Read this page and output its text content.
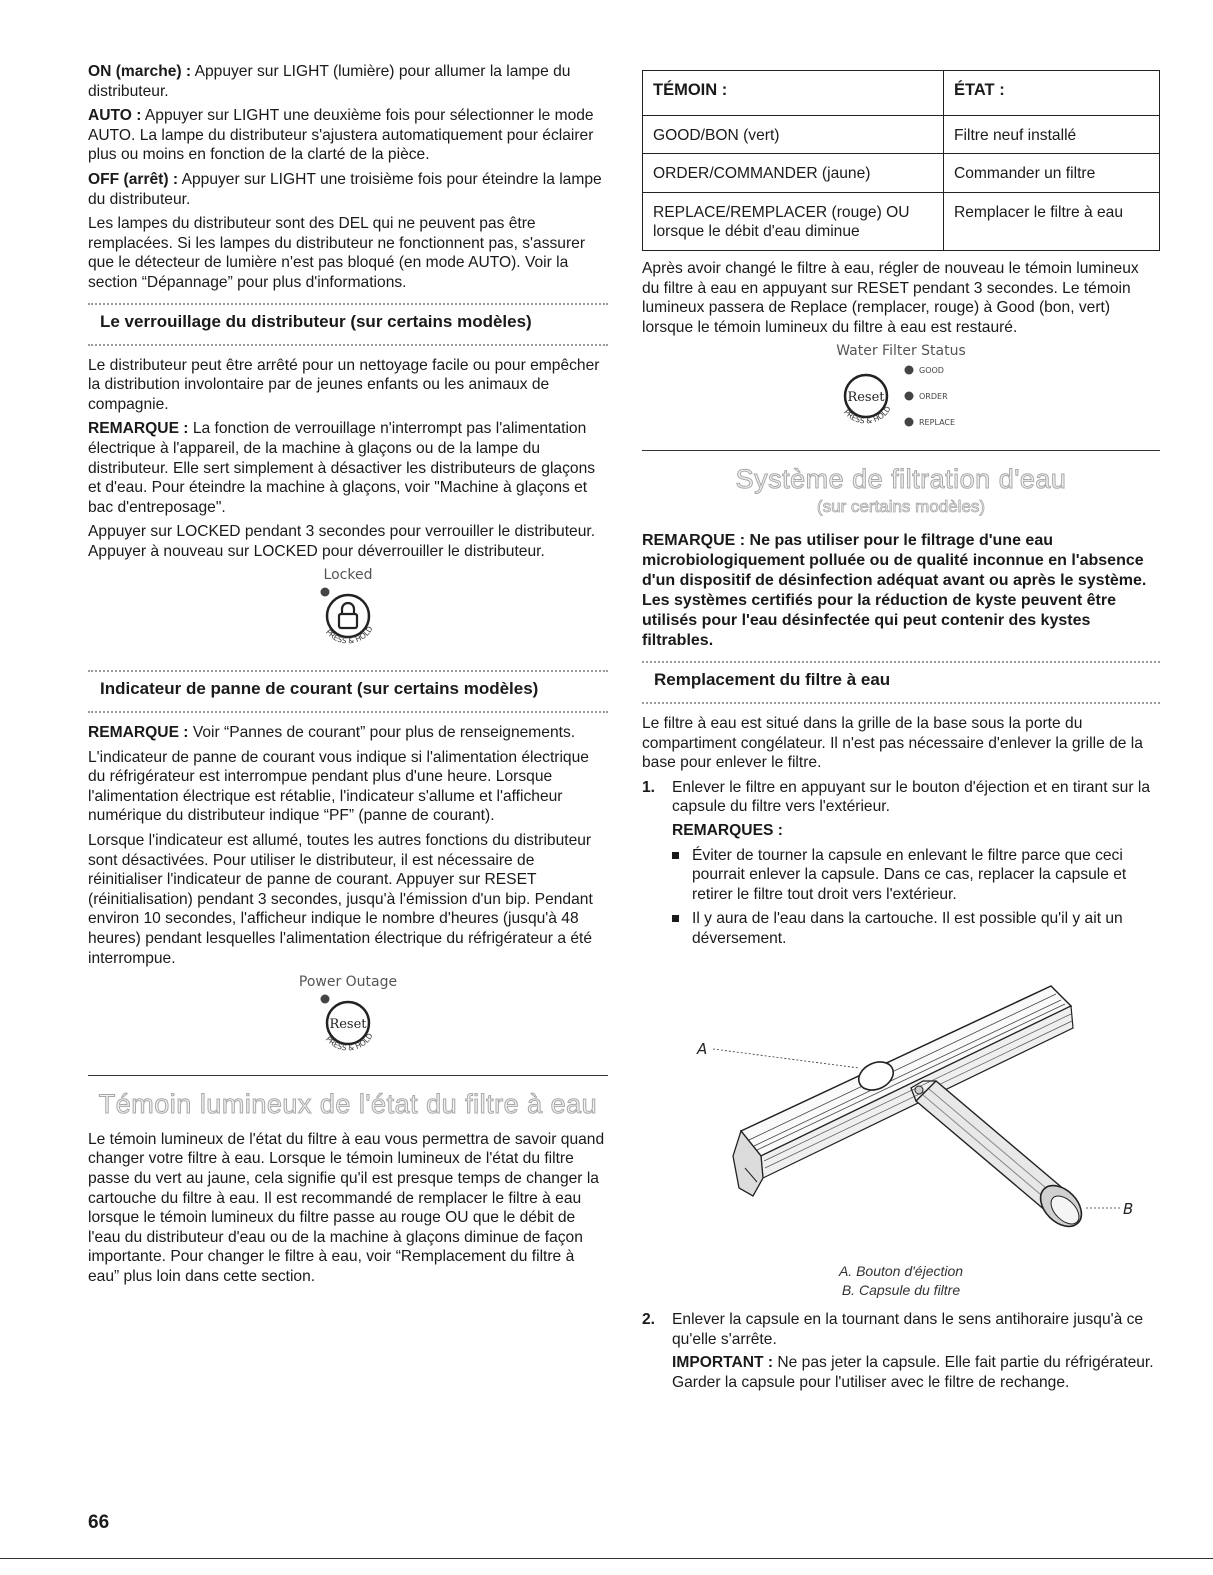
ON (marche) : Appuyer sur LIGHT (lumière) pour allumer la lampe du distributeur.

AUTO : Appuyer sur LIGHT une deuxième fois pour sélectionner le mode AUTO. La lampe du distributeur s'ajustera automatiquement pour éclairer plus ou moins en fonction de la clarté de la pièce.

OFF (arrêt) : Appuyer sur LIGHT une troisième fois pour éteindre la lampe du distributeur.

Les lampes du distributeur sont des DEL qui ne peuvent pas être remplacées. Si les lampes du distributeur ne fonctionnent pas, s'assurer que le détecteur de lumière n'est pas bloqué (en mode AUTO). Voir la section “Dépannage” pour plus d'informations.

Le verrouillage du distributeur (sur certains modèles)

Le distributeur peut être arrêté pour un nettoyage facile ou pour empêcher la distribution involontaire par de jeunes enfants ou les animaux de compagnie.

REMARQUE : La fonction de verrouillage n'interrompt pas l'alimentation électrique à l'appareil, de la machine à glaçons ou de la lampe du distributeur. Elle sert simplement à désactiver les distributeurs de glaçons et d'eau. Pour éteindre la machine à glaçons, voir "Machine à glaçons et bac d'entreposage".

Appuyer sur LOCKED pendant 3 secondes pour verrouiller le distributeur. Appuyer à nouveau sur LOCKED pour déverrouiller le distributeur.

Locked
PRESS & HOLD
Indicateur de panne de courant (sur certains modèles)

REMARQUE : Voir “Pannes de courant” pour plus de renseignements.

L'indicateur de panne de courant vous indique si l'alimentation électrique du réfrigérateur est interrompue pendant plus d'une heure. Lorsque l'alimentation électrique est rétablie, l'indicateur s'allume et l'afficheur numérique du distributeur indique “PF” (panne de courant).

Lorsque l'indicateur est allumé, toutes les autres fonctions du distributeur sont désactivées. Pour utiliser le distributeur, il est nécessaire de réinitialiser l'indicateur de panne de courant. Appuyer sur RESET (réinitialisation) pendant 3 secondes, jusqu'à l'émission d'un bip. Pendant environ 10 secondes, l'afficheur indique le nombre d'heures (jusqu'à 48 heures) pendant lesquelles l'alimentation électrique du réfrigérateur a été interrompue.

Power Outage
Reset
PRESS & HOLD
Témoin lumineux de l'état du filtre à eau

Le témoin lumineux de l'état du filtre à eau vous permettra de savoir quand changer votre filtre à eau. Lorsque le témoin lumineux de l'état du filtre passe du vert au jaune, cela signifie qu'il est presque temps de changer la cartouche du filtre à eau. Il est recommandé de remplacer le filtre à eau lorsque le témoin lumineux du filtre passe au rouge OU que le débit de l'eau du distributeur d'eau ou de la machine à glaçons diminue de façon importante. Pour changer le filtre à eau, voir “Remplacement du filtre à eau” plus loin dans cette section.

TÉMOIN :	ÉTAT :
GOOD/BON (vert)	Filtre neuf installé
ORDER/COMMANDER (jaune)	Commander un filtre
REPLACE/REMPLACER (rouge) OU lorsque le débit d'eau diminue	Remplacer le filtre à eau

Après avoir changé le filtre à eau, régler de nouveau le témoin lumineux du filtre à eau en appuyant sur RESET pendant 3 secondes. Le témoin lumineux passera de Replace (remplacer, rouge) à Good (bon, vert) lorsque le témoin lumineux du filtre à eau est restauré.

Water Filter Status
Reset
PRESS & HOLD
GOOD
ORDER
REPLACE
Système de filtration d'eau
(sur certains modèles)

REMARQUE : Ne pas utiliser pour le filtrage d'une eau microbiologiquement polluée ou de qualité inconnue en l'absence d'un dispositif de désinfection adéquat avant ou après le système. Les systèmes certifiés pour la réduction de kyste peuvent être utilisés pour l'eau désinfectée qui peut contenir des kystes filtrables.

Remplacement du filtre à eau

Le filtre à eau est situé dans la grille de la base sous la porte du compartiment congélateur. Il n'est pas nécessaire d'enlever la grille de la base pour enlever le filtre.

1. Enlever le filtre en appuyant sur le bouton d'éjection et en tirant sur la capsule du filtre vers l'extérieur.
REMARQUES :
Éviter de tourner la capsule en enlevant le filtre parce que ceci pourrait enlever la capsule. Dans ce cas, replacer la capsule et retirer le filtre tout droit vers l'extérieur.
Il y aura de l'eau dans la cartouche. Il est possible qu'il y ait un déversement.
A
B
A. Bouton d'éjection
B. Capsule du filtre
2. Enlever la capsule en la tournant dans le sens antihoraire jusqu'à ce qu'elle s'arrête.
IMPORTANT : Ne pas jeter la capsule. Elle fait partie du réfrigérateur. Garder la capsule pour l'utiliser avec le filtre de rechange.
66
